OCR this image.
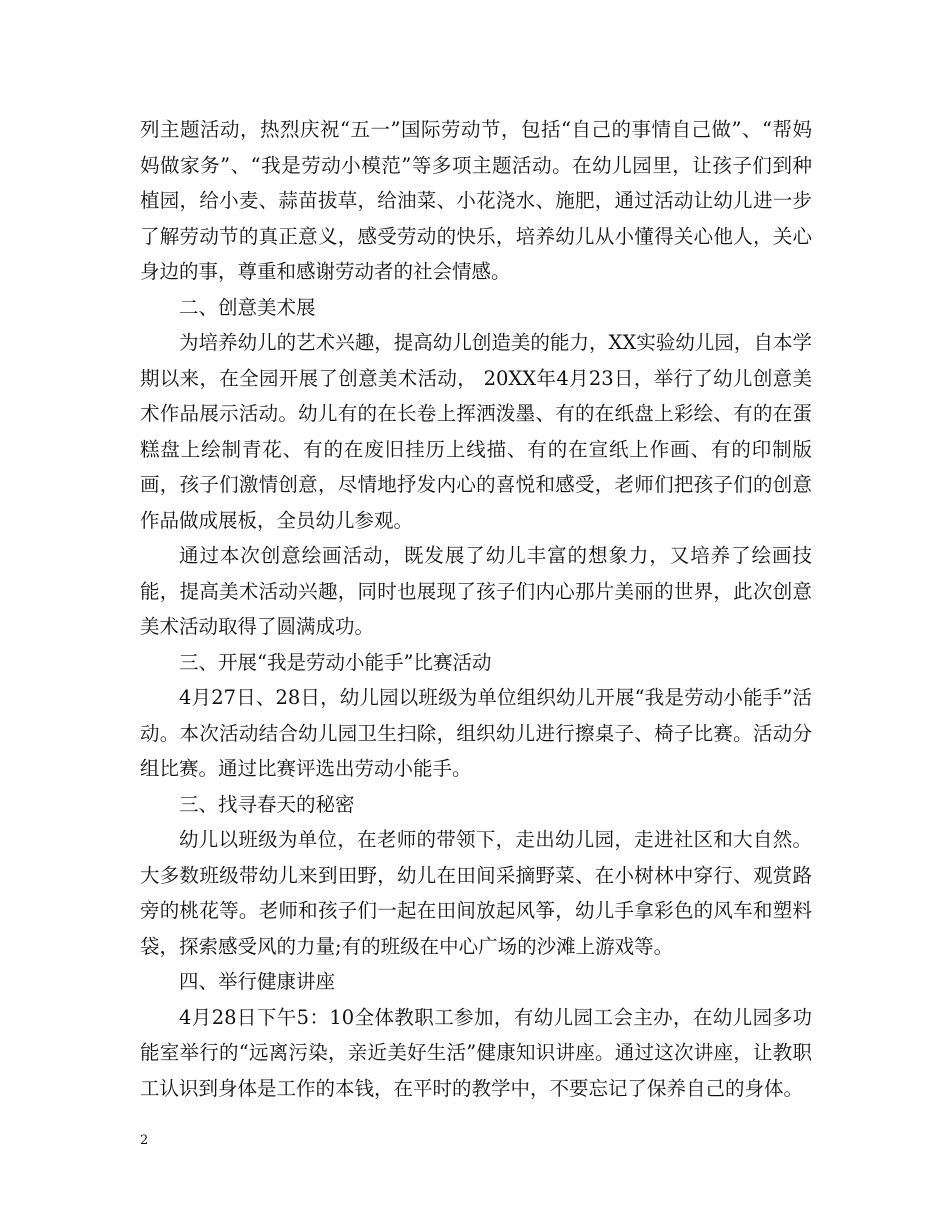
列主题活动，热烈庆祝“五一”国际劳动节，包括“自己的事情自己做”、“帮妈妈做家务”、“我是劳动小模范”等多项主题活动。在幼儿园里，让孩子们到种植园，给小麦、蒜苗拔草，给油菜、小花浇水、施肥，通过活动让幼儿进一步了解劳动节的真正意义，感受劳动的快乐，培养幼儿从小懂得关心他人，关心身边的事，尊重和感谢劳动者的社会情感。

二、创意美术展

为培养幼儿的艺术兴趣，提高幼儿创造美的能力，XX实验幼儿园，自本学期以来，在全园开展了创意美术活动， 20XX年4月23日，举行了幼儿创意美术作品展示活动。幼儿有的在长卷上挥洒泼墨、有的在纸盘上彩绘、有的在蛋糕盘上绘制青花、有的在废旧挂历上线描、有的在宣纸上作画、有的印制版画，孩子们激情创意，尽情地抒发内心的喜悦和感受，老师们把孩子们的创意作品做成展板，全员幼儿参观。

通过本次创意绘画活动，既发展了幼儿丰富的想象力，又培养了绘画技能，提高美术活动兴趣，同时也展现了孩子们内心那片美丽的世界，此次创意美术活动取得了圆满成功。

三、开展“我是劳动小能手”比赛活动

4月27日、28日，幼儿园以班级为单位组织幼儿开展“我是劳动小能手”活动。本次活动结合幼儿园卫生扫除，组织幼儿进行擦桌子、椅子比赛。活动分组比赛。通过比赛评选出劳动小能手。

三、找寻春天的秘密

幼儿以班级为单位，在老师的带领下，走出幼儿园，走进社区和大自然。大多数班级带幼儿来到田野，幼儿在田间采摘野菜、在小树林中穿行、观赏路旁的桃花等。老师和孩子们一起在田间放起风筝，幼儿手拿彩色的风车和塑料袋，探索感受风的力量;有的班级在中心广场的沙滩上游戏等。

四、举行健康讲座

4月28日下午5：10全体教职工参加，有幼儿园工会主办，在幼儿园多功能室举行的“远离污染，亲近美好生活”健康知识讲座。通过这次讲座，让教职工认识到身体是工作的本钱，在平时的教学中，不要忘记了保养自己的身体。

2
